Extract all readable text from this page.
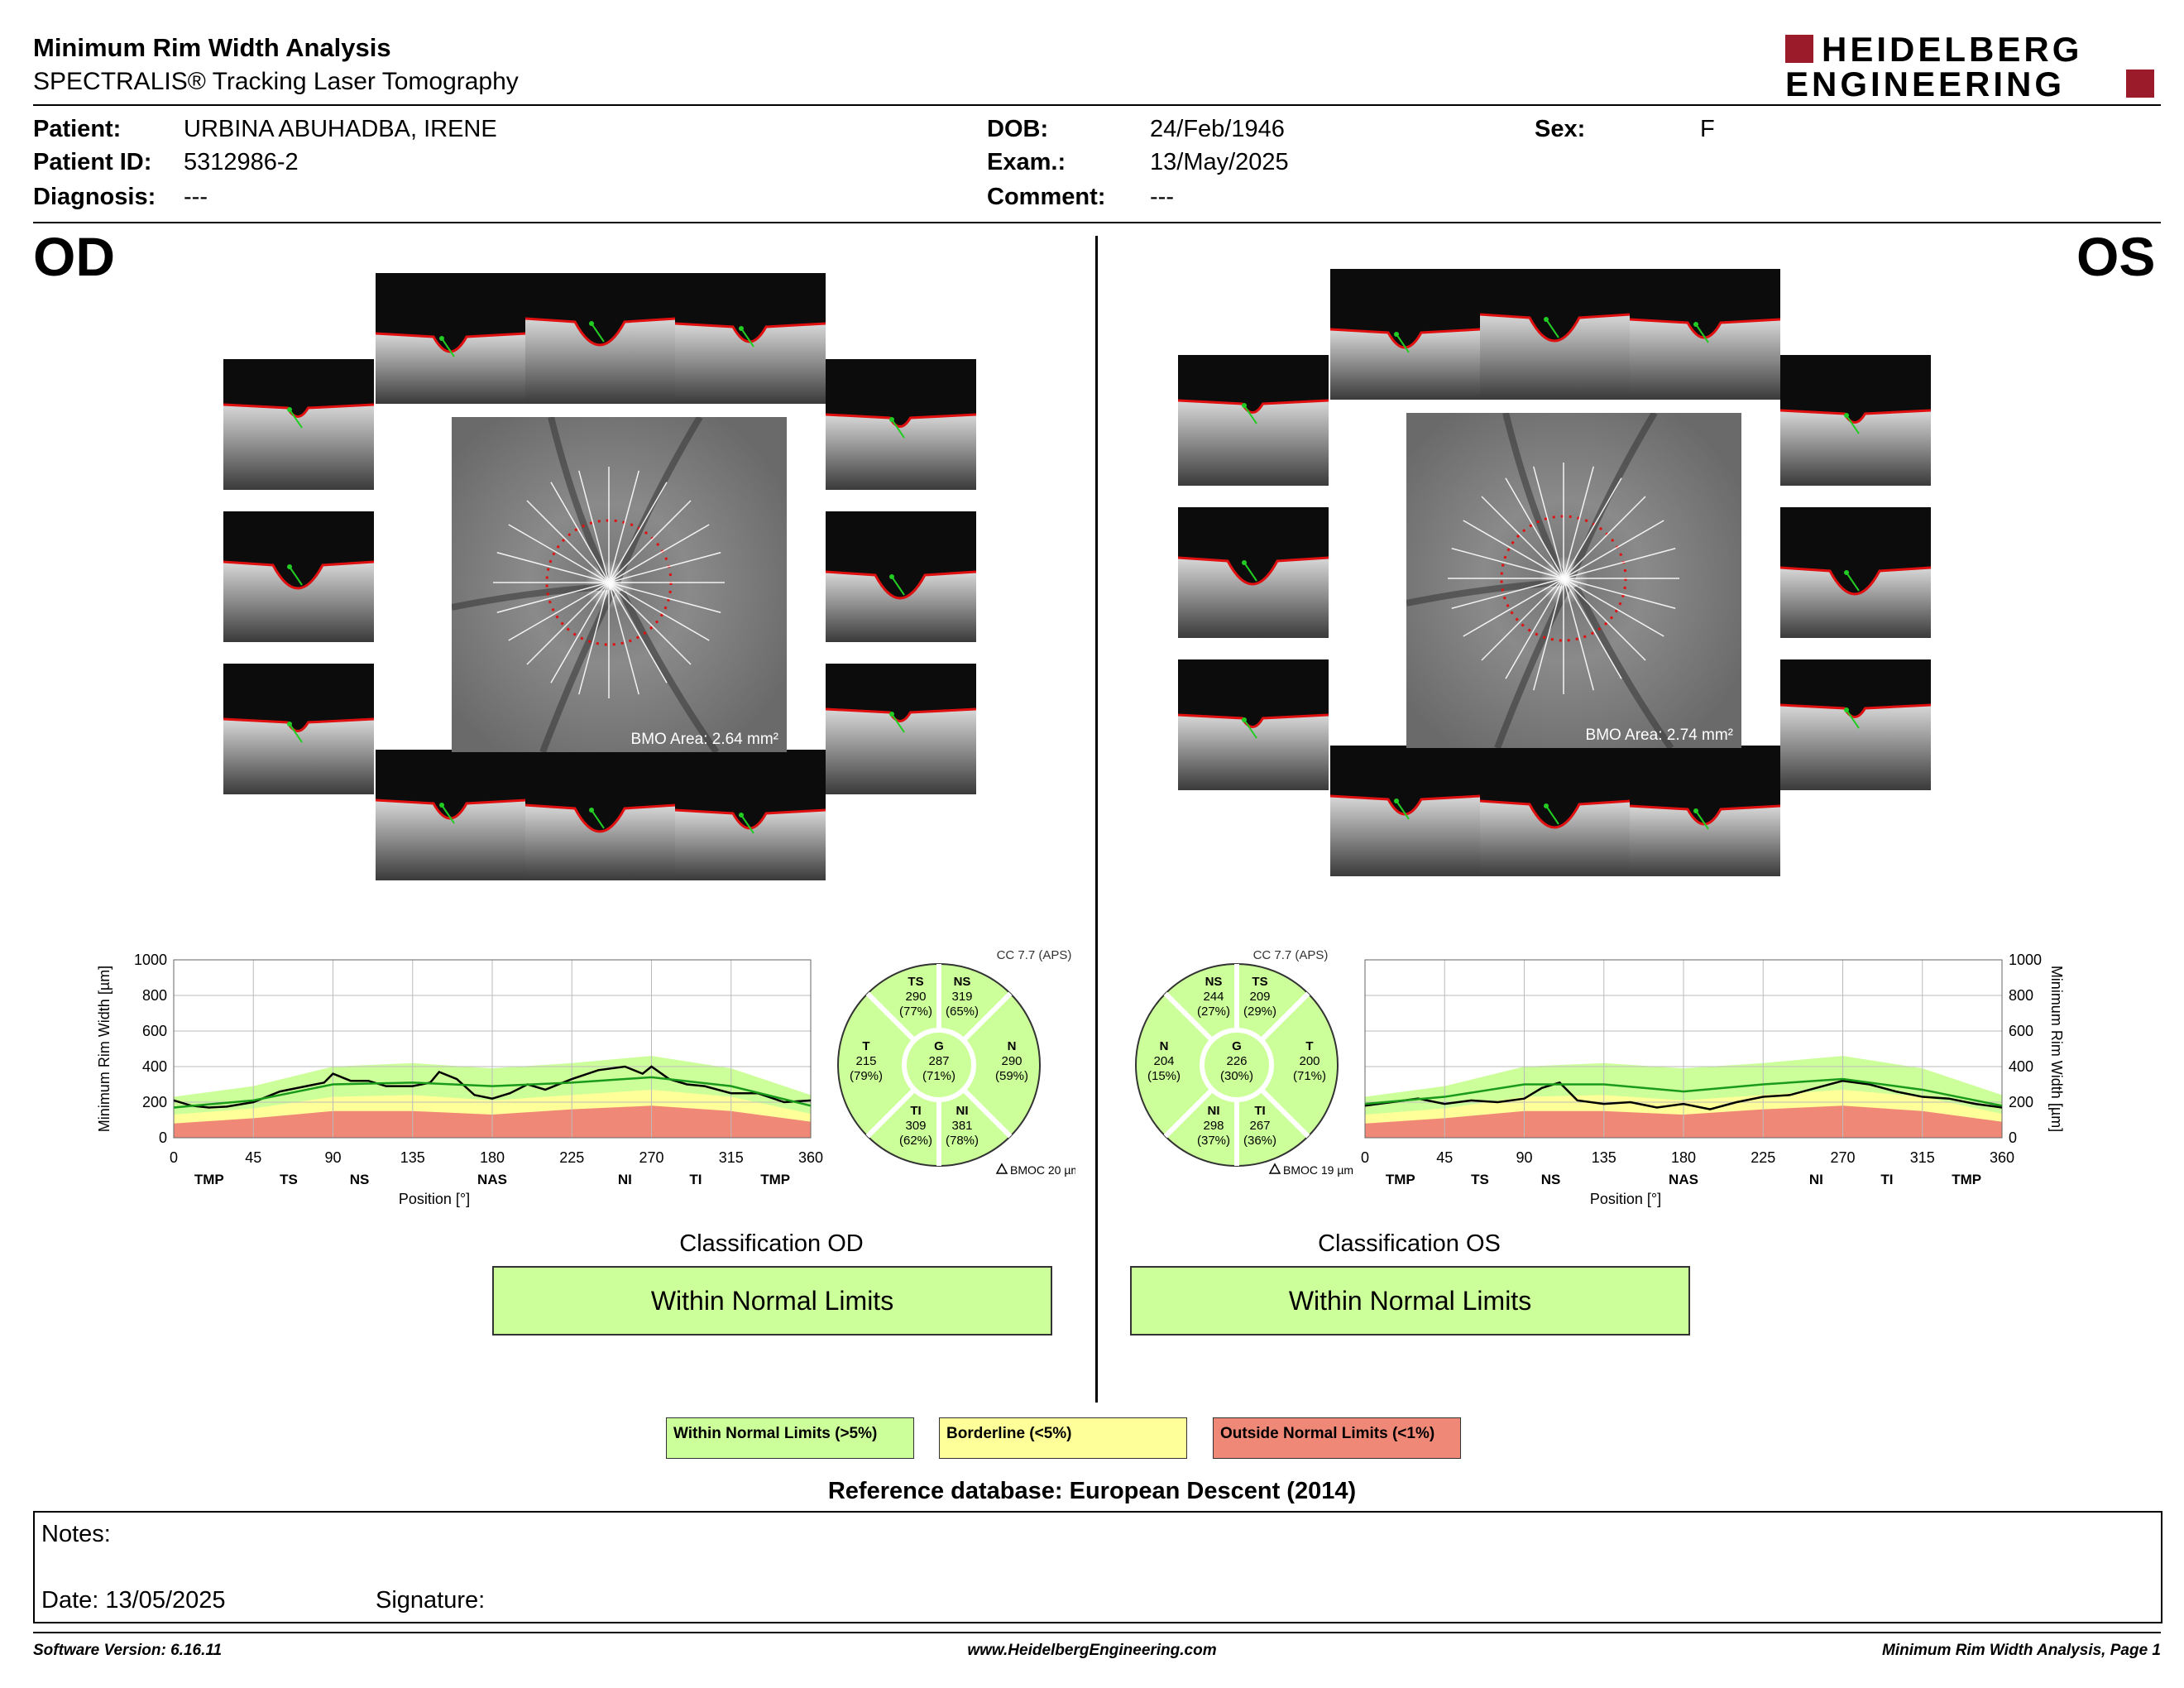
Minimum Rim Width Analysis
SPECTRALIS® Tracking Laser Tomography
HEIDELBERG
ENGINEERING
Patient:	URBINA ABUHADBA, IRENE
Patient ID: 5312986-2
Diagnosis: ---
DOB:	24/Feb/1946
Exam.:	13/May/2025
Comment: ---
Sex:	F
OD	OS
BMO Area: 2.64 mm²	BMO Area: 2.74 mm²
0
200
400
600
800
1000
0	45	90	135	180	225	270	315	360
TMP	TS	NS	NAS	NI	TI	TMP
Position [°]
Minimum Rim Width [µm]
0
200
400
600
800
1000
0	45	90	135	180	225	270	315	360
TMP	TS	NS	NAS	NI	TI	TMP
Position [°]
Minimum Rim Width [µm]
CC 7.7 (APS)
TS
290
(77%)
NS
319
(65%)
T
215
(79%)
G
287
(71%)
N
290
(59%)
TI
309
(62%)
NI
381
(78%)
BMOC 20 µm
CC 7.7 (APS)
NS
244
(27%)
TS
209
(29%)
N
204
(15%)
G
226
(30%)
T
200
(71%)
NI
298
(37%)
TI
267
(36%)
BMOC 19 µm
Classification OD
Within Normal Limits
Classification OS
Within Normal Limits
Within Normal Limits (>5%)	Borderline (<5%)	Outside Normal Limits (<1%)
Reference database: European Descent (2014)
Notes:
Date: 13/05/2025	Signature:
Software Version: 6.16.11	www.HeidelbergEngineering.com	Minimum Rim Width Analysis, Page 1
